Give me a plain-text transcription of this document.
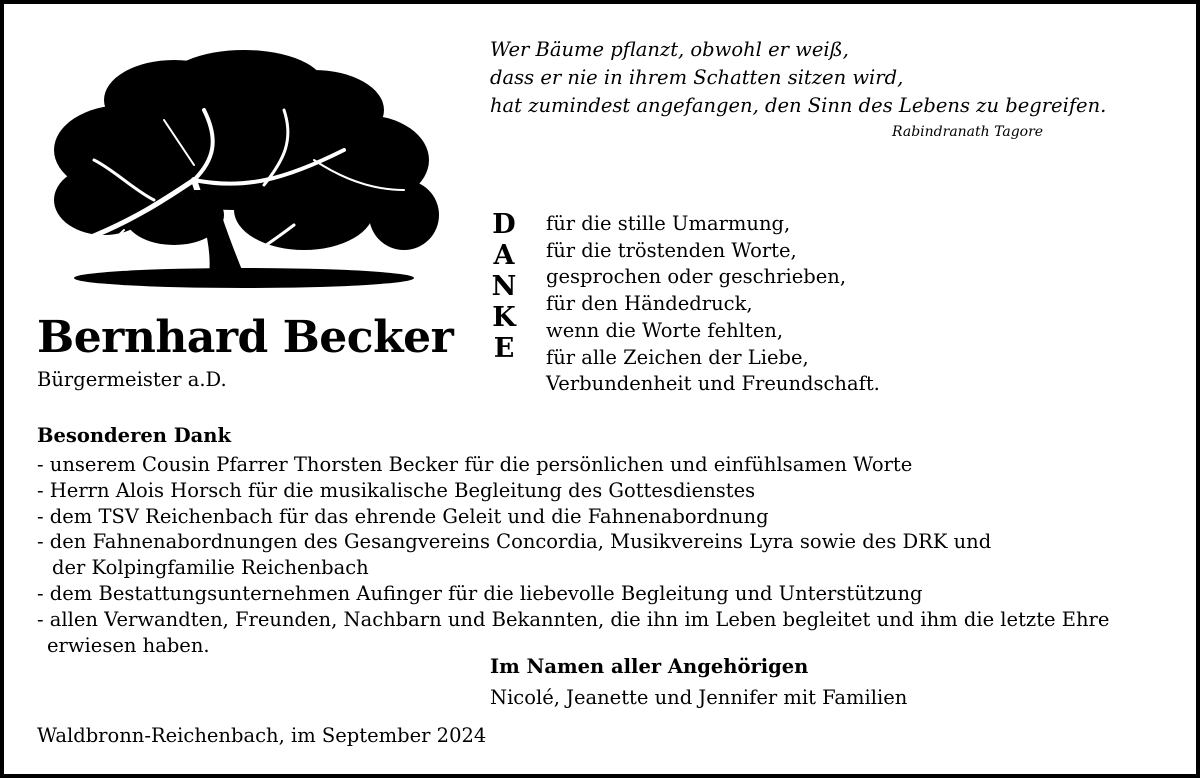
Wer Bäume pflanzt, obwohl er weiß,
dass er nie in ihrem Schatten sitzen wird,
hat zumindest angefangen, den Sinn des Lebens zu begreifen.
Rabindranath Tagore
Bernhard Becker
Bürgermeister a.D.
D
A
N
K
E
für die stille Umarmung,
für die tröstenden Worte,
gesprochen oder geschrieben,
für den Händedruck,
wenn die Worte fehlten,
für alle Zeichen der Liebe,
Verbundenheit und Freundschaft.
Besonderen Dank
- unserem Cousin Pfarrer Thorsten Becker für die persönlichen und einfühlsamen Worte
- Herrn Alois Horsch für die musikalische Begleitung des Gottesdienstes
- dem TSV Reichenbach für das ehrende Geleit und die Fahnenabordnung
- den Fahnenabordnungen des Gesangvereins Concordia, Musikvereins Lyra sowie des DRK und
der Kolpingfamilie Reichenbach
- dem Bestattungsunternehmen Aufinger für die liebevolle Begleitung und Unterstützung
- allen Verwandten, Freunden, Nachbarn und Bekannten, die ihn im Leben begleitet und ihm die letzte Ehre
erwiesen haben.
Im Namen aller Angehörigen
Nicolé, Jeanette und Jennifer mit Familien
Waldbronn-Reichenbach, im September 2024
